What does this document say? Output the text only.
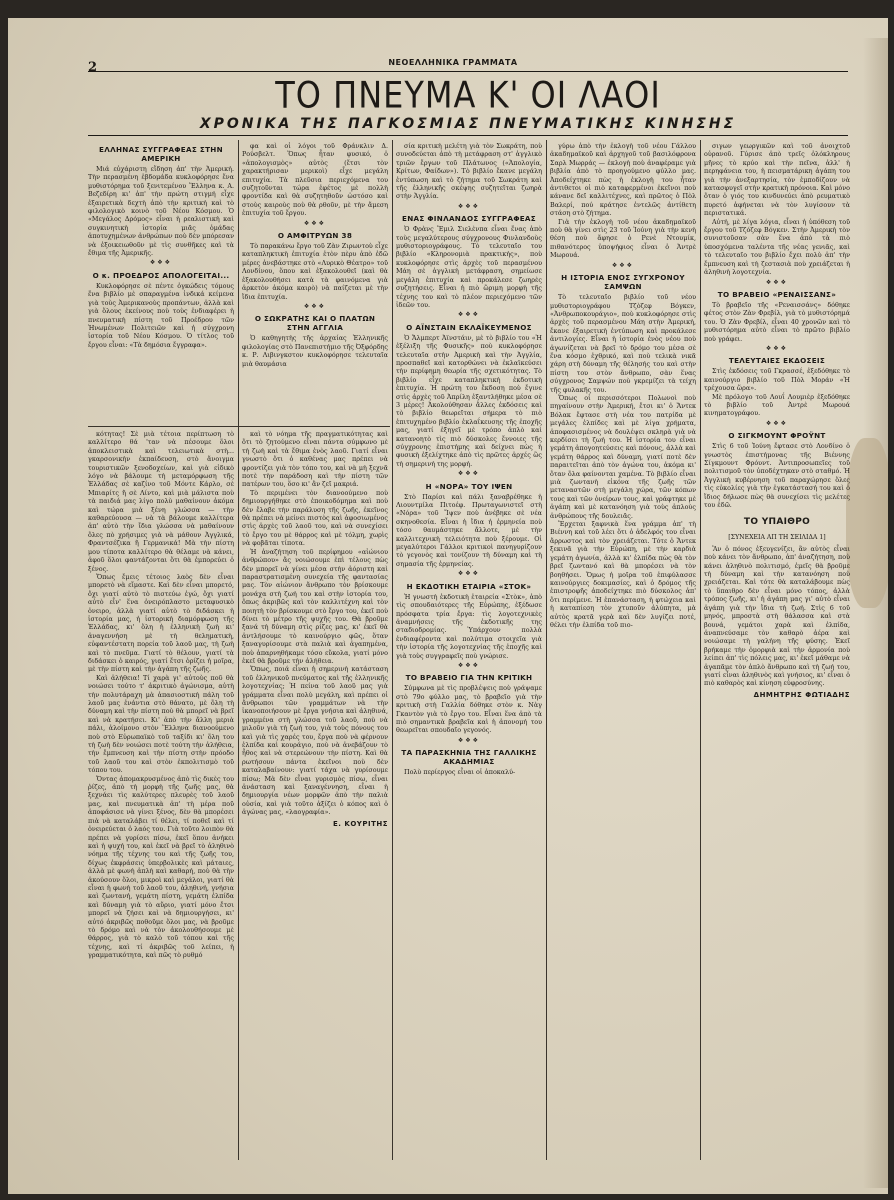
2	ΝΕΟΕΛΛΗΝΙΚΑ ΓΡΑΜΜΑΤΑ
ΤΟ ΠΝΕΥΜΑ Κ' ΟΙ ΛΑΟΙ
ΧΡΟΝΙΚΑ ΤΗΣ ΠΑΓΚΟΣΜΙΑΣ ΠΝΕΥΜΑΤΙΚΗΣ ΚΙΝΗΣΗΣ
ΕΛΛΗΝΑΣ ΣΥΓΓΡΑΦΕΑΣ ΣΤΗΝ ΑΜΕΡΙΚΗ

Μιά εὐχάριστη εἴδηση ἀπ' τὴν Ἀμερική. Τὴν περασμένη ἑβδομάδα κυκλοφόρησε ἕνα μυθιστόρημα τοῦ ξενιτεμένου Ἕλληνα κ. Α. Βεζεδίρη κι' ἀπ' τὴν πρώτη στιγμή εἶχε ἐξαιρετικὰ δεχτὴ ἀπὸ τὴν κριτική καὶ τὸ φιλολογικὸ κοινὸ τοῦ Νέου Κόσμου. Ὁ «Μεγάλος Δρόμος» εἶναι ἡ ρεαλιστικὴ καὶ συγκινητικὴ ἱστορία μιᾶς ὁμάδας ἀποτυχημένων ἀνθρώπων ποὺ δὲν μπόρεσαν νὰ ἐξοικειωθοῦν μὲ τὶς συνθῆκες καὶ τὰ ἔθιμα τῆς Ἀμερικῆς.

❖❖❖
Ο κ. ΠΡΟΕΔΡΟΣ ΑΠΟΛΟΓΕΙΤΑΙ...

Κυκλοφόρησε σὲ πέντε ὀγκώδεις τόμους ἕνα βιβλίο μὲ σπαραγμένα ἰνδικά κείμενα γιὰ τοὺς Ἀμερικανοὺς προπάντων, ἀλλὰ καὶ γιὰ ὅλους ἐκείνους ποὺ τοὺς ἐνδιαφέρει ἡ πνευματικὴ πίστη τοῦ Προέδρου τῶν Ἡνωμένων Πολιτειῶν καὶ ἡ σύγχρονη ἱστορία τοῦ Νέου Κόσμου. Ὁ τίτλος τοῦ ἔργου εἶναι: «Τὰ δημόσια ἔγγραφα».

φα καὶ οἱ λόγοι τοῦ Φράνκλιν Δ. Ρούσβελτ. Ὅπως ἦταν φυσικό, ὁ «ἀπολογισμὸς» αὐτὸς (ἔτσι τὸν χαρακτήρισαν μερικοὶ) εἶχε μεγάλη επιτυχία. Τὰ πλεῦσια περιεχόμενα του συζητοῦνται τώρα ἐφέτος μὲ πολλὴ φροντίδα καὶ θὰ συζητηθοῦν ὡστόσο καὶ στοὺς καιροὺς ποὺ θὰ ρθοῦν, μὲ τὴν ἄμεση ἐπιτυχία τοῦ ἔργου.

❖❖❖
Ο ΑΜΦΙΤΡΥΩΝ 38

Τὸ παρακάνω ἔργο τοῦ Ζὰν Ζιρωντοὺ εἶχε καταπληκτικὴ ἐπιτυχία ἐτὸν πὲρυ ἀπὸ ἐδῶ μέρες ἀνεβάστηκε στὸ «Λυρικὸ Θέατρο» τοῦ Λονδίνου, ὅπου καὶ ἐξακολουθεῖ (καὶ θὰ ἐξακολουθήσει κατὰ τὰ φαινόμενα γιὰ ἀρκετὸν ἀκόμα καιρὸ) νὰ παίζεται μὲ τὴν ἴδια ἐπιτυχία.

❖❖❖
Ο ΣΩΚΡΑΤΗΣ ΚΑΙ Ο ΠΛΑΤΩΝ ΣΤΗΝ ΑΓΓΛΙΑ

Ὁ καθηγητὴς τῆς ἀρχαίας Ἑλληνικῆς φιλολογίας στὸ Πανεπιστήμιο τῆς Ὀξφόρδης κ. Ρ. Λιβινγκστον κυκλοφόρησε τελευταῖα μιὰ θαυμάσια

κότητας! Σὲ μιὰ τέτοια περίπτωση τὸ καλλίτερο θά 'ταν νὰ πέσουμε ὅλοι ἀποκλειστικὰ καὶ τελειωτικὰ στὴ... γκαρσονικὴν ἐκπαίδευση, στὸ ἄνοιγμα τουριστικῶν ξενοδοχείων, καὶ γιὰ εἰδικὸ λόγο νὰ βάλουμε τὴ μεταμόρφωση τῆς Ἑλλάδας σὲ καζίνο τοῦ Μόντε Κάρλο, σὲ Μπιαρίτς ἢ σὲ Λίντο, καὶ μιὰ μάλιστα ποὺ τὰ παιδιά μας λίγο πολὺ μαθαίνουν ἀκόμα καὶ τώρα μιὰ ξένη γλώσσα — τὴν καθαρεύουσα — νὰ τὰ βάλουμε καλλίτερα ἀπ' αὐτὸ τὴν ἴδια γλώσσα νὰ μαθαίνουν ὅλες πὸ χρήσιμες γιὰ νὰ μάθουν Ἀγγλικά, Φραντσέζικα ἢ Γερμανικά! Μὰ τὴν πίστη μου τίποτα καλλίτερο θὰ θέλαμε νὰ κάνει, ἀφοῦ ὅλοι φαντάζονται ὅτι θὰ ἐμπορεύει ὁ ξένος.

Ὅπως ἔμεις τέτοιος λαὸς δὲν εἶναι μπορετὸ νὰ εἴμαστε. Καὶ δὲν εἶναι μπορετό, ὄχι γιατί αὐτὸ τὸ πιστεύω ἐγώ, ὄχι γιατί αὐτὸ εἶν' ἕνα ὀνειρόπλαστο μεταφυσικὸ ὀνειρο, ἀλλὰ γιατί αὐτὸ τὸ διδάσκει ἡ ἱστορία μας, ἡ ἱστορικὴ διαμόρφωση τῆς Ἑλλάδας, κι' ὅλη ἡ ἑλληνικὴ ζωὴ κι' ἀναγεννήση μὲ τὴ θεληματικὴ, εὐφαντέστατη πορεία τοῦ λαοῦ μας, τὴ ζωὴ καὶ τὸ πνεῦμα. Γιατί τὸ θέλουν, γιατί τὰ διδάσκει ὁ καιρός, γιατί ἔτσι ὁρίζει ἡ μοῖρα, μὲ τὴν πίστη καὶ τὴν ἀγάπη τῆς ζωῆς.

Καὶ ἀλήθεια! Τί χαρὰ γι' αὐτοὺς ποῦ θὰ νοιώσει τούτο τ' ἀκριτικὸ ἀγώνισμα, αὐτὴ τὴν πολυτάραχη μὰ ἀπασιοστικὴ πάλη τοῦ λαοῦ μας ἐνάντια στὸ θάνατο, μὲ ὅλη τὴ δύναμη καὶ τὴν πίστη ποὺ θὰ μπορεῖ νὰ βρεῖ καὶ νὰ κρατήσει. Κι' ἀπὸ τὴν ἄλλη μεριὰ πάλι, ἀλοίμονο στὸν Ἕλληνα διανοούμενο ποὺ στὸ Εὐρωπαϊκὸ τοῦ ταξίδι κι' ὅλη του τὴ ζωὴ δὲν νοιώσει ποτὲ τούτη τὴν ἀλήθεια, τὴν ἔμπνευση καὶ τὴν πίστη στὴν πρόοδο τοῦ λαοῦ του καὶ στὸν ἐκπολιτισμὸ τοῦ τόπου του.

Ὄντας ἀπομακρυσμένος ἀπὸ τὶς δικὲς του ῥίζες, ἀπὸ τὴ μορφὴ τῆς ζωῆς μας, θὰ ξεχνάει τὶς καλύτερες πλευρὲς τοῦ λαοῦ μας, καὶ πνευματικὰ ἀπ' τὴ μέρα ποῦ ἀποφάσισε νὰ γίνει ξένος, δὲν θὰ μπορέσει πιὰ νὰ καταλάβει τί θέλει, τί ποθεῖ καὶ τί ὀνειρεύεται ὁ λαός του. Γιὰ τοῦτο λοιπὸν θὰ πρέπει νὰ γυρίσει πίσω, ἐκεῖ ὅπου ἀνήκει καὶ ἡ ψυχή του, καὶ ἐκεῖ νὰ βρεῖ τὸ ἀληθινὸ νόημα τῆς τέχνης του καὶ τῆς ζωῆς του, δίχως ἐκφράσεις ὑπερβολικὲς καὶ μάταιες, ἀλλὰ μὲ φωνὴ ἁπλὴ καὶ καθαρή, ποὺ θὰ τὴν ἀκούσουν ὅλοι, μικροὶ καὶ μεγάλοι, γιατί θὰ εἶναι ἡ φωνὴ τοῦ λαοῦ του, ἀληθινή, γνήσια καὶ ζωντανή, γεμάτη πίστη, γεμάτη ἐλπίδα καὶ δύναμη γιὰ τὸ αὔριο, γιατί μόνο ἔτσι μπορεῖ νὰ ζήσει καὶ νὰ δημιουργήσει, κι' αὐτό ἀκριβῶς ποθοῦμε ὅλοι μας, νὰ βροῦμε τὸ δρόμο καὶ νὰ τὸν ἀκολουθήσουμε μὲ θάρρος, γιὰ τὸ καλὸ τοῦ τόπου καὶ τῆς τέχνης, καὶ τί ἀκριβῶς τοῦ λείπει, ἡ γραμματικότητα, καὶ πῶς τὸ ρυθμό

καὶ τὸ νόημα τῆς πραγματικότητας καὶ ὅτι τὸ ζητούμενο εἶναι πάντα σύμφωνο μὲ τὴ ζωὴ καὶ τὰ ἔθιμα ἑνὸς λαοῦ. Γιατί εἶναι γνωστὸ ὅτι ὁ καθένας μας πρέπει νὰ φροντίζει γιὰ τὸν τόπο του, καὶ νὰ μὴ ξεχνᾶ ποτὲ τὴν παράδοση καὶ τὴν πίστη τῶν πατέρων του, ὅσο κι' ἂν ζεῖ μακριά.

Τὸ περιμένει τὸν διανοούμενο ποὺ δημιουργήθηκε στὸ ἐποικοδόμημα καὶ ποὺ δὲν ἔλαβε τὴν παράλυση τῆς ζωῆς, ἐκεῖνος θὰ πρέπει νὰ μείνει πιστὸς καὶ ἀφοσιωμένος στὶς ἀρχὲς τοῦ λαοῦ του, καὶ νὰ συνεχίσει τὸ ἔργο του μὲ θάρρος καὶ μὲ τόλμη, χωρὶς νὰ φοβᾶται τίποτα.

Ἡ ἀναζήτηση τοῦ περίφημου «αἰώνιου ἀνθρώπου» ἄς νοιώσουμε ἐπὶ τέλους πὼς δὲν μπορεῖ νὰ γίνει μέσα στὴν ἀόριστη καὶ παραστρατισμένη συνεχεία τῆς φαντασίας μας. Τὸν αἰώνιον ἄνθρωπο τὸν βρίσκουμε μονάχα στὴ ζωή του καὶ στὴν ἱστορία του, ὅπως ἀκριβῶς καὶ τὸν καλλιτέχνη καὶ τὸν ποιητὴ τὸν βρίσκουμε στὸ ἔργο του, ἐκεῖ ποὺ δίνει τὸ μέτρο τῆς ψυχῆς του. Θὰ βροῦμε ξανά τὴ δύναμη στὶς ρίζες μας, κι' ἐκεῖ θὰ ἀντλήσουμε τὸ καινούργιο φῶς, ὅταν ξαναγυρίσουμε στὰ παλιὰ καὶ ἀγαπημένα, ποὺ ἀπαρνηθήκαμε τόσο εὔκολα, γιατί μόνο ἐκεῖ θὰ βροῦμε τὴν ἀλήθεια.

Ὅπως, ποιά εἶναι ἡ σημερινὴ κατάσταση τοῦ ἑλληνικοῦ πνεύματος καὶ τῆς ἑλληνικῆς λογοτεχνίας; Ἡ πείνα τοῦ λαοῦ μας γιὰ γράμματα εἶναι πολὺ μεγάλη, καὶ πρέπει οἱ ἄνθρωποι τῶν γραμμάτων νὰ τὴν ἱκανοποιήσουν μὲ ἔργα γνήσια καὶ ἀληθινά, γραμμένα στὴ γλώσσα τοῦ λαοῦ, ποὺ νὰ μιλοῦν γιὰ τὴ ζωή του, γιὰ τοὺς πόνους του καὶ γιὰ τὶς χαρές του, ἔργα ποὺ νὰ φέρνουν ἐλπίδα καὶ κουράγιο, ποὺ νὰ ἀνεβάζουν τὸ ἦθος καὶ νὰ στερεώνουν τὴν πίστη. Καὶ θὰ ρωτήσουν πάντα ἐκεῖνοι ποὺ δὲν καταλαβαίνουν: γιατί τάχα νὰ γυρίσουμε πίσω; Μὰ δὲν εἶναι γυρισμὸς πίσω, εἶναι ἀνάσταση καὶ ξαναγέννηση, εἶναι ἡ δημιουργία νέων μορφῶν ἀπὸ τὴν παλιὰ οὐσία, καὶ γιὰ τοῦτο ἀξίζει ὁ κόπος καὶ ὁ ἀγώνας μας, «λαογραφία».

Ε. ΚΟΥΡΙΤΗΣ

σία κριτικὴ μελέτη γιὰ τὸν Σωκράτη, ποὺ συνοδεύεται ἀπὸ τὴ μετάφραση στ' ἀγγλικὸ τριῶν ἔργων τοῦ Πλάτωνος («Ἀπολογία, Κρίτων, Φαίδων»). Τὸ βιβλίο ἔκανε μεγάλη ἐντύπωση καὶ τὸ ζήτημα τοῦ Σωκράτη καὶ τῆς ἑλληνικῆς σκέψης συζητεῖται ζωηρὰ στὴν Ἀγγλία.

❖❖❖
ΕΝΑΣ ΦΙΝΛΑΝΔΟΣ ΣΥΓΓΡΑΦΕΑΣ

Ὁ Φρὰνς Ἔμιλ Σιελὲνπα εἶναι ἕνας ἀπὸ τοὺς μεγαλύτερους σύγχρονους Φινλανδοὺς μυθιστοριογράφους. Τὸ τελευταῖο του βιβλίο «Κληρονομιὰ πρακτικής», ποὺ κυκλοφόρησε στὶς ἀρχὲς τοῦ περασμένου Μάη σὲ ἀγγλικὴ μετάφραση, σημείωσε μεγάλη ἐπιτυχία καὶ προκάλεσε ζωηρὲς συζητήσεις. Εἶναι ἡ πιὸ ὥριμη μορφὴ τῆς τέχνης του καὶ τὸ πλέον περιεχόμενο τῶν ἰδεῶν του.

❖❖❖
Ο ΑΪΝΣΤΑΙΝ ΕΚΛΑΪΚΕΥΜΕΝΟΣ

Ὁ Ἄλμπερτ Ἀϊνστάιν, μὲ τὸ βιβλίο του «Ἡ ἐξέλιξη τῆς Φυσικῆς» ποὺ κυκλοφόρησε τελευταῖα στὴν Ἀμερικὴ καὶ τὴν Ἀγγλία, προσπαθεῖ καὶ κατορθώνει νὰ ἐκλαϊκεύσει τὴν περίφημη θεωρία τῆς σχετικότητας. Τὸ βιβλίο εἶχε καταπληκτικὴ ἐκδοτικὴ ἐπιτυχία. Ἡ πρώτη του ἔκδοση ποὺ ἔγινε στὶς ἀρχὲς τοῦ Ἀπρίλη ἐξαντλήθηκε μέσα σὲ 3 μέρες! Ἀκολούθησαν ἄλλες ἐκδόσεις καὶ τὸ βιβλίο θεωρεῖται σήμερα τὸ πιὸ ἐπιτυχημένο βιβλίο ἐκλαΐκευσης τῆς ἐποχῆς μας, γιατί ἐξηγεῖ μὲ τρόπο ἁπλὸ καὶ κατανοητὸ τὶς πιὸ δύσκολες ἔννοιες τῆς σύγχρονης ἐπιστήμης καὶ δείχνει πὼς ἡ φυσικὴ ἐξελίχτηκε ἀπὸ τὶς πρῶτες ἀρχές ὣς τὴ σημερινή της μορφή.

❖❖❖
Η «ΝΟΡΑ» ΤΟΥ ΙΨΕΝ

Στὸ Παρίσι καὶ πάλι ξαναβρέθηκε ἡ Λιουντμίλα Πιτοέφ. Πρωταγωνιστεῖ στὴ «Νόρα» τοῦ Ἴψεν ποὺ ἀνέβηκε σὲ νέα σκηνοθεσία. Εἶναι ἡ ἴδια ἡ ἐρμηνεία ποὺ τόσο θαυμάστηκε ἄλλοτε, μὲ τὴν καλλιτεχνικὴ τελειότητα ποὺ ξέρουμε. Οἱ μεγαλύτεροι Γάλλοι κριτικοὶ πανηγυρίζουν τὸ γεγονὸς καὶ τονίζουν τὴ δύναμη καὶ τὴ σημασία τῆς ἐρμηνείας.

❖❖❖
Η ΕΚΔΟΤΙΚΗ ΕΤΑΙΡΙΑ «ΣΤΟΚ»

Ἡ γνωστὴ ἐκδοτικὴ ἑταιρεία «Στὸκ», ἀπὸ τὶς σπουδαιότερες τῆς Εὐρώπης, ἐξέδωσε πρόσφατα τρία ἔργα: τὶς λογοτεχνικὲς ἀναμνήσεις τῆς ἐκδοτικῆς της σταδιοδρομίας. Ὑπάρχουν πολλὰ ἐνδιαφέροντα καὶ πολύτιμα στοιχεῖα γιὰ τὴν ἱστορία τῆς λογοτεχνίας τῆς ἐποχῆς καὶ γιὰ τοὺς συγγραφεῖς ποὺ γνώρισε.

❖❖❖
ΤΟ ΒΡΑΒΕΙΟ ΓΙΑ ΤΗΝ ΚΡΙΤΙΚΗ

Σύμφωνα μὲ τὶς προβλέψεις ποὺ γράψαμε στὸ 79ο φύλλο μας, τὸ βραβεῖο γιὰ τὴν κριτικὴ στὴ Γαλλία δόθηκε στὸν κ. Νὰγ Γκαντὸν γιὰ τὸ ἔργο του. Εἶναι ἕνα ἀπὸ τὰ πιὸ σημαντικὰ βραβεῖα καὶ ἡ ἀπονομή του θεωρεῖται σπουδαῖο γεγονός.

❖❖❖
ΤΑ ΠΑΡΑΣΚΗΝΙΑ ΤΗΣ ΓΑΛΛΙΚΗΣ ΑΚΑΔΗΜΙΑΣ

Πολὺ περίεργος εἶναι οἱ ἀποκαλύ-

γύρω ἀπὸ τὴν ἐκλογὴ τοῦ νέου Γάλλου ἀκαδημαϊκοῦ καὶ ἀρχηγοῦ τοῦ βασιλόφρονα Σαρλ Μωρράς — ἐκλογὴ ποὺ ἀναφέραμε γιὰ βιβλία ἀπὸ τὸ προηγούμενο φύλλο μας. Ἀποδείχτηκε πὼς ἡ ἐκλογὴ του ἦταν ἀντιθετοι οἱ πιὸ καταφερμένοι ἐκεῖνοι ποὺ κάνανε δεῖ καλλιτέχνες, καὶ πρῶτος ὁ Πὸλ Βαλερί, πού κράτησε ἐντελῶς ἀντίθετη στάση στὸ ζήτημα.

Γιὰ τὴν ἐκλογὴ τοῦ νέου ἀκαδημαϊκοῦ ποὺ θὰ γίνει στὶς 23 τοῦ Ἰούνη γιὰ τὴν κενὴ θέση ποὺ ἄφησε ὁ Ρενὲ Ντουμίκ, πιθανότερος ὑποψήφιος εἶναι ὁ Ἀντρὲ Μωρουά.

❖❖❖
Η ΙΣΤΟΡΙΑ ΕΝΟΣ ΣΥΓΧΡΟΝΟΥ ΣΑΜΨΩΝ

Τὸ τελευταῖο βιβλίο τοῦ νέου μυθιστοριογράφου Τζὸζεφ Βόγκεν, «Ἀνθρωποκουράγιο», ποὺ κυκλοφόρησε στὶς ἀρχὲς τοῦ περασμένου Μάη στὴν Ἀμερική, ἔκανε ἐξαιρετικὴ ἐντύπωση καὶ προκάλεσε ἀντιλογίες. Εἶναι ἡ ἱστορία ἑνὸς νέου ποὺ ἀγωνίζεται νὰ βρεῖ τὸ δρόμο του μέσα σὲ ἕνα κόσμο ἐχθρικό, καὶ ποὺ τελικὰ νικᾶ χάρη στὴ δύναμη τῆς θέλησής του καὶ στὴν πίστη του στὸν ἄνθρωπο, σὰν ἕνας σύγχρονος Σαμψών ποὺ γκρεμίζει τὰ τείχη τῆς φυλακῆς του.

Ὅπως οἱ περισσότεροι Πολωνοὶ ποὺ πηγαίνουν στὴν Ἀμερική, ἔτσι κι' ὁ Ἄντεκ Βόλακ ἔφτασε στὴ νέα του πατρίδα μὲ μεγάλες ἐλπίδες καὶ μὲ λίγα χρήματα, ἀποφασισμένος νὰ δουλέψει σκληρὰ γιὰ νὰ κερδίσει τὴ ζωή του. Ἡ ἱστορία του εἶναι γεμάτη ἀπογοητεύσεις καὶ πόνους, ἀλλὰ καὶ γεμάτη θάρρος καὶ δύναμη, γιατί ποτὲ δὲν παραιτεῖται ἀπὸ τὸν ἀγώνα του, ἀκόμα κι' ὅταν ὅλα φαίνονται χαμένα. Τὸ βιβλίο εἶναι μιὰ ζωντανὴ εἰκόνα τῆς ζωῆς τῶν μεταναστῶν στὴ μεγάλη χώρα, τῶν κόπων τους καὶ τῶν ὀνείρων τους, καὶ γράφτηκε μὲ ἀγάπη καὶ μὲ κατανόηση γιὰ τοὺς ἁπλοὺς ἀνθρώπους τῆς δουλειᾶς.

Ἔρχεται ξαφνικὰ ἕνα γράμμα ἀπ' τὴ Βιέννη καὶ τοῦ λέει ὅτι ὁ ἀδελφός του εἶναι ἄρρωστος καὶ τὸν χρειάζεται. Τότε ὁ Ἄντεκ ξεκινᾶ γιὰ τὴν Εὐρώπη, μὲ τὴν καρδιὰ γεμάτη ἀγωνία, ἀλλὰ κι' ἐλπίδα πὼς θὰ τὸν βρεῖ ζωντανό καὶ θὰ μπορέσει νὰ τὸν βοηθήσει. Ὅμως ἡ μοῖρα τοῦ ἐπιφύλασσε καινούργιες δοκιμασίες, καὶ ὁ δρόμος τῆς ἐπιστροφῆς ἀποδείχτηκε πιὸ δύσκολος ἀπ' ὅτι περίμενε. Ἡ ἐπανάσταση, ἡ φτώχεια καὶ ἡ καταπίεση τὸν χτυποῦν ἀλύπητα, μὰ αὐτὸς κρατᾶ γερὰ καὶ δὲν λυγίζει ποτέ, θέλει τὴν ἐλπίδα τοῦ πιο-

σιγων γεωργικῶν καὶ τοῦ ἀνοιχτοῦ οὐρανοῦ. Γύρισε ἀπὸ τρεῖς ὁλόκληρους μῆνες τὸ κρύο καὶ τὴν πεῖνα, ἀλλ' ἡ περηφάνεια του, ἡ πεισματάρικη ἀγάπη του γιὰ τὴν ἀνεξαρτησία, τὸν ἐμποδίζουν νὰ κατασφυγεῖ στὴν κρατικὴ πρόνοια. Καὶ μόνο ὅταν ὁ γιός του κινδυνεύει ἀπὸ ρευματικὸ πυρετό ἀφήνεται νὰ τὸν λυγίσουν τὰ περιστατικά.

Αὐτή, μὲ λίγα λόγια, εἶναι ἡ ὑπόθεση τοῦ ἔργου τοῦ Τζόζεφ Βόγκεν. Στὴν Ἀμερικὴ τὸν συνιστοῦσαν σὰν ἕνα ἀπὸ τὰ πιὸ ὑποσχόμενα ταλέντα τῆς νέας γενιᾶς, καὶ τὸ τελευταῖο του βιβλίο ἔχει πολὺ ἀπ' τὴν ἔμπνευση καὶ τὴ ζεστασιὰ ποὺ χρειάζεται ἡ ἀληθινὴ λογοτεχνία.

❖❖❖
ΤΟ ΒΡΑΒΕΙΟ «ΡΕΝΑΙΣΣΑΝΣ»

Τὸ βραβεῖο τῆς «Ρεναισσάνς» δόθηκε φέτος στὸν Ζὰν Φρεβίλ, γιὰ τὸ μυθιστόρημά του. Ὁ Ζὰν Φρεβίλ, εἶναι 40 χρονῶν καὶ τὸ μυθιστόρημα αὐτὸ εἶναι τὸ πρῶτο βιβλίο ποὺ γράφει.

❖❖❖
ΤΕΛΕΥΤΑΙΕΣ ΕΚΔΟΣΕΙΣ

Στὶς ἐκδόσεις τοῦ Γκρασσέ, ἐξεδόθηκε τὸ καινούργιο βιβλίο τοῦ Πὸλ Μοράν «Ἡ τρέχουσα ὥρα».

Μὲ πρόλογο τοῦ Λουΐ Λουμιὲρ ἐξεδόθηκε τὸ βιβλίο τοῦ Ἀντρὲ Μωρουά κινηματογράφου.

❖❖❖
Ο ΣΙΓΚΜΟΥΝΤ ΦΡΟΫΝΤ

Στὶς 6 τοῦ Ἰούνη ἔφτασε στὸ Λονδίνο ὁ γνωστὸς ἐπιστήμονας τῆς Βιέννης Σίγκμουντ Φρόυντ. Ἀντιπροσωπεῖες τοῦ πολιτισμοῦ τὸν ὑποδέχτηκαν στὸ σταθμό. Ἡ Ἀγγλικὴ κυβέρνηση τοῦ παραχώρησε ὅλες τὶς εὐκολίες γιὰ τὴν ἐγκατάστασή του καὶ ὁ ἴδιος δήλωσε πὼς θὰ συνεχίσει τὶς μελέτες του ἐδῶ.

ΤΟ ΥΠΑΙΘΡΟ
[ΣΥΝΕΧΕΙΑ ΑΠ ΤΗ ΣΕΙΛΙΔΑ 1]

Ἂν ὁ πόνος ἐξευγενίζει, ἂν αὐτὸς εἶναι ποὺ κάνει τὸν ἄνθρωπο, ἀπ' ἀναζήτηση, ποὺ κάνει ἀληθινὸ πολιτισμό, ἐμεῖς θὰ βροῦμε τὴ δύναμη καὶ τὴν κατανόηση ποὺ χρειάζεται. Καὶ τότε θὰ καταλάβουμε πὼς τὸ ὕπαιθρο δὲν εἶναι μόνο τόπος, ἀλλὰ τρόπος ζωῆς, κι' ἡ ἀγάπη μας γι' αὐτὸ εἶναι ἀγάπη γιὰ τὴν ἴδια τὴ ζωή. Στὶς 6 τοῦ μηνός, μπροστὰ στὴ θάλασσα καὶ στὰ βουνά, γεμάτοι χαρὰ καὶ ἐλπίδα, ἀναπνεύσαμε τὸν καθαρὸ ἀέρα καὶ νοιώσαμε τὴ γαλήνη τῆς φύσης. Ἐκεῖ βρήκαμε τὴν ὀμορφιὰ καὶ τὴν ἁρμονία ποὺ λείπει ἀπ' τὶς πόλεις μας, κι' ἐκεῖ μάθαμε νὰ ἀγαπᾶμε τὸν ἁπλὸ ἄνθρωπο καὶ τὴ ζωή του, γιατί εἶναι ἀληθινὸς καὶ γνήσιος, κι' εἶναι ὁ πιὸ καθαρὸς καὶ κίνηση εὐφροσύνης.

ΔΗΜΗΤΡΗΣ ΦΩΤΙΑΔΗΣ
